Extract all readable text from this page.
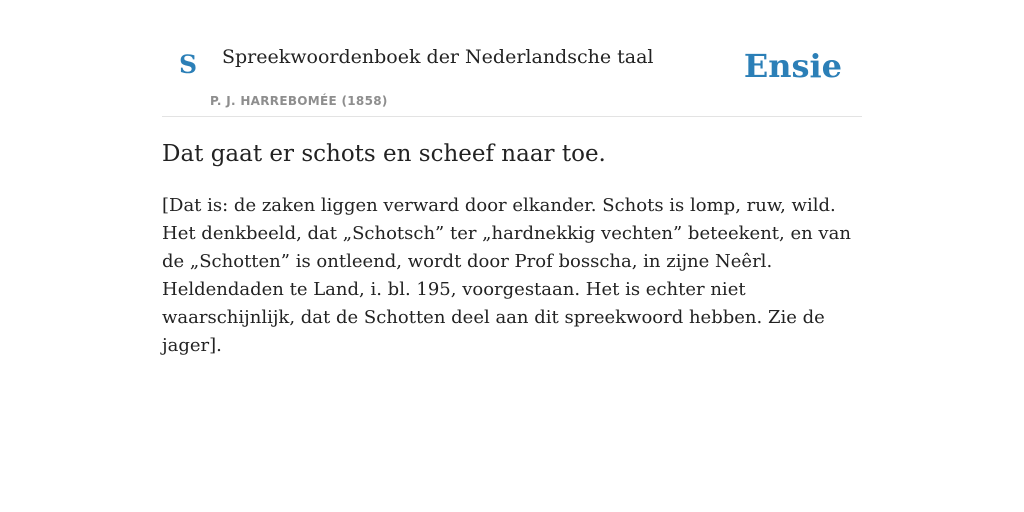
S Spreekwoordenboek der Nederlandsche taal
P. J. HARREBOMÉE (1858)
Ensie
Dat gaat er schots en scheef naar toe.

[Dat is: de zaken liggen verward door elkander. Schots is lomp, ruw, wild. Het denkbeeld, dat „Schotsch” ter „hardnekkig vechten” beteekent, en van de „Schotten” is ontleend, wordt door Prof bosscha, in zijne Neêrl. Heldendaden te Land, i. bl. 195, voorgestaan. Het is echter niet waarschijnlijk, dat de Schotten deel aan dit spreekwoord hebben. Zie de jager].
